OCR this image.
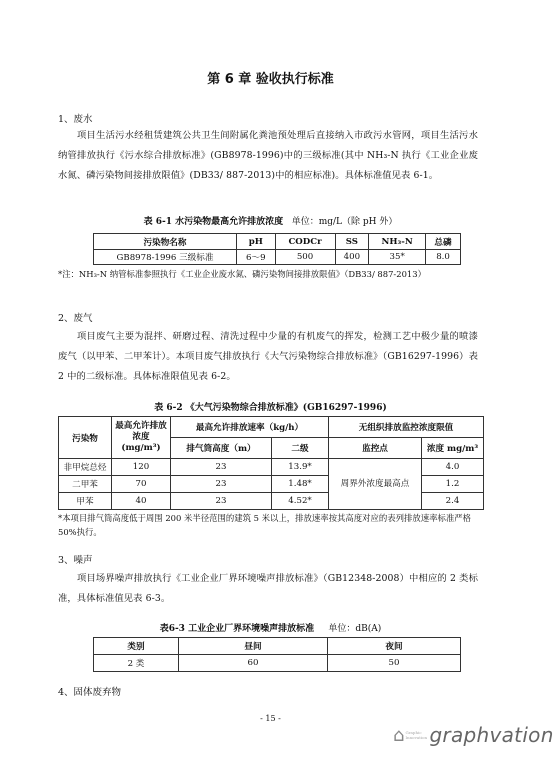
第 6 章 验收执行标准
1、废水
项目生活污水经租赁建筑公共卫生间附属化粪池预处理后直接纳入市政污水管网，项目生活污水纳管排放执行《污水综合排放标准》(GB8978-1996)中的三级标准(其中 NH₃-N 执行《工业企业废水氮、磷污染物间接排放限值》(DB33/ 887-2013)中的相应标准)。具体标准值见表 6-1。
表 6-1 水污染物最高允许排放浓度 单位：mg/L（除 pH 外）
污染物名称	pH	CODCr	SS	NH₃-N	总磷
GB8978-1996 三级标准	6～9	500	400	35*	8.0
*注：NH₃-N 纳管标准参照执行《工业企业废水氮、磷污染物间接排放限值》（DB33/ 887-2013）
2、废气
项目废气主要为混拌、研磨过程、清洗过程中少量的有机废气的挥发，检测工艺中极少量的喷漆废气（以甲苯、二甲苯计）。本项目废气排放执行《大气污染物综合排放标准》（GB16297-1996）表 2 中的二级标准。具体标准限值见表 6-2。
表 6-2 《大气污染物综合排放标准》(GB16297-1996)
污染物	最高允许排放浓度 (mg/m³)	最高允许排放速率（kg/h）		无组织排放监控浓度限值	
		排气筒高度（m）	二级	监控点	浓度 mg/m³
非甲烷总烃	120	23	13.9*	周界外浓度最高点	4.0
二甲苯	70	23	1.48*		1.2
甲苯	40	23	4.52*		2.4
*本项目排气筒高度低于周围 200 米半径范围的建筑 5 米以上，排放速率按其高度对应的表列排放速率标准严格 50%执行。
3、噪声
项目场界噪声排放执行《工业企业厂界环境噪声排放标准》（GB12348-2008）中相应的 2 类标准，具体标准值见表 6-3。
表6-3 工业企业厂界环境噪声排放标准 单位：dB(A)
类别	昼间	夜间
2 类	60	50
4、固体废弃物
- 15 -
⌂ Graphic Innovation graphvation
